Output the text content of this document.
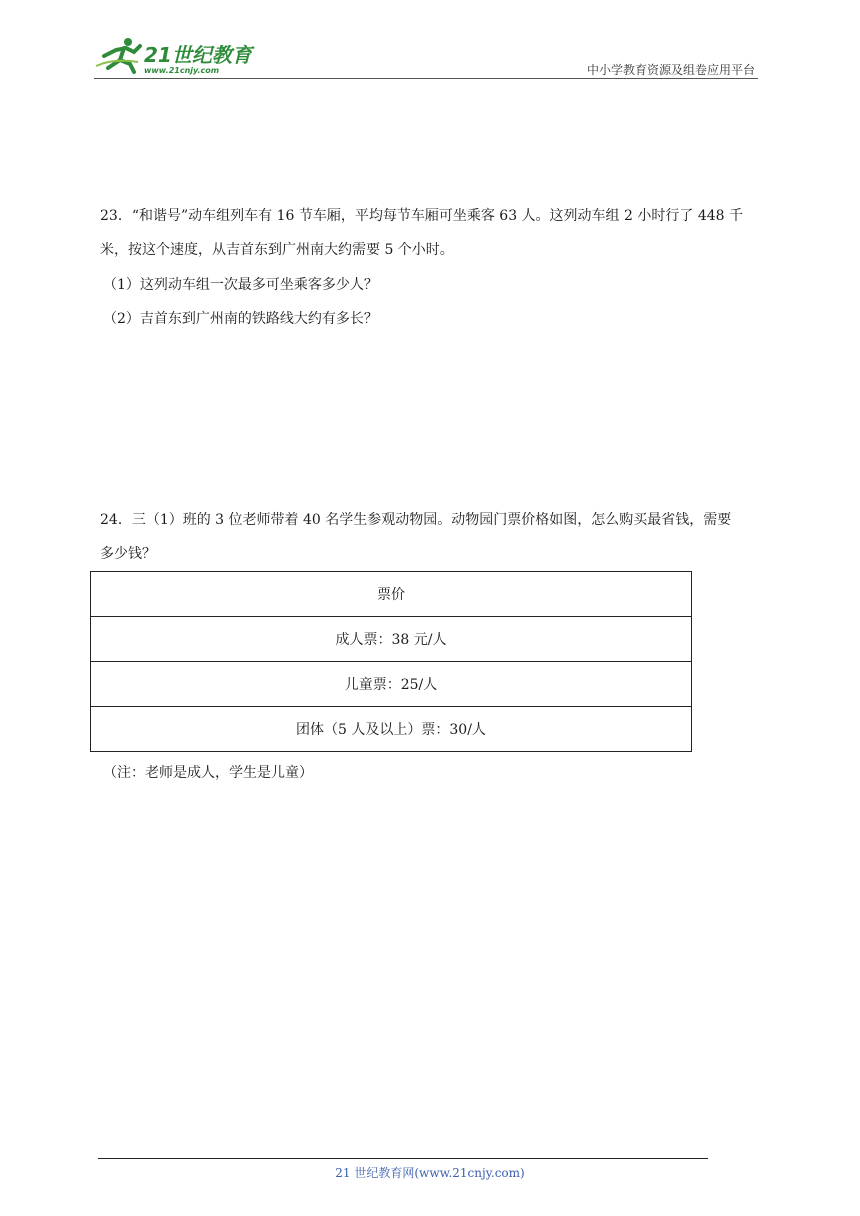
21世纪教育
www.21cnjy.com	中小学教育资源及组卷应用平台
23．“和谐号”动车组列车有 16 节车厢，平均每节车厢可坐乘客 63 人。这列动车组 2 小时行了 448 千
米，按这个速度，从吉首东到广州南大约需要 5 个小时。
（1）这列动车组一次最多可坐乘客多少人？
（2）吉首东到广州南的铁路线大约有多长？
24．三（1）班的 3 位老师带着 40 名学生参观动物园。动物园门票价格如图，怎么购买最省钱，需要
多少钱？
票价
成人票：38 元/人
儿童票：25/人
团体（5 人及以上）票：30/人
（注：老师是成人，学生是儿童）
21 世纪教育网(www.21cnjy.com)
